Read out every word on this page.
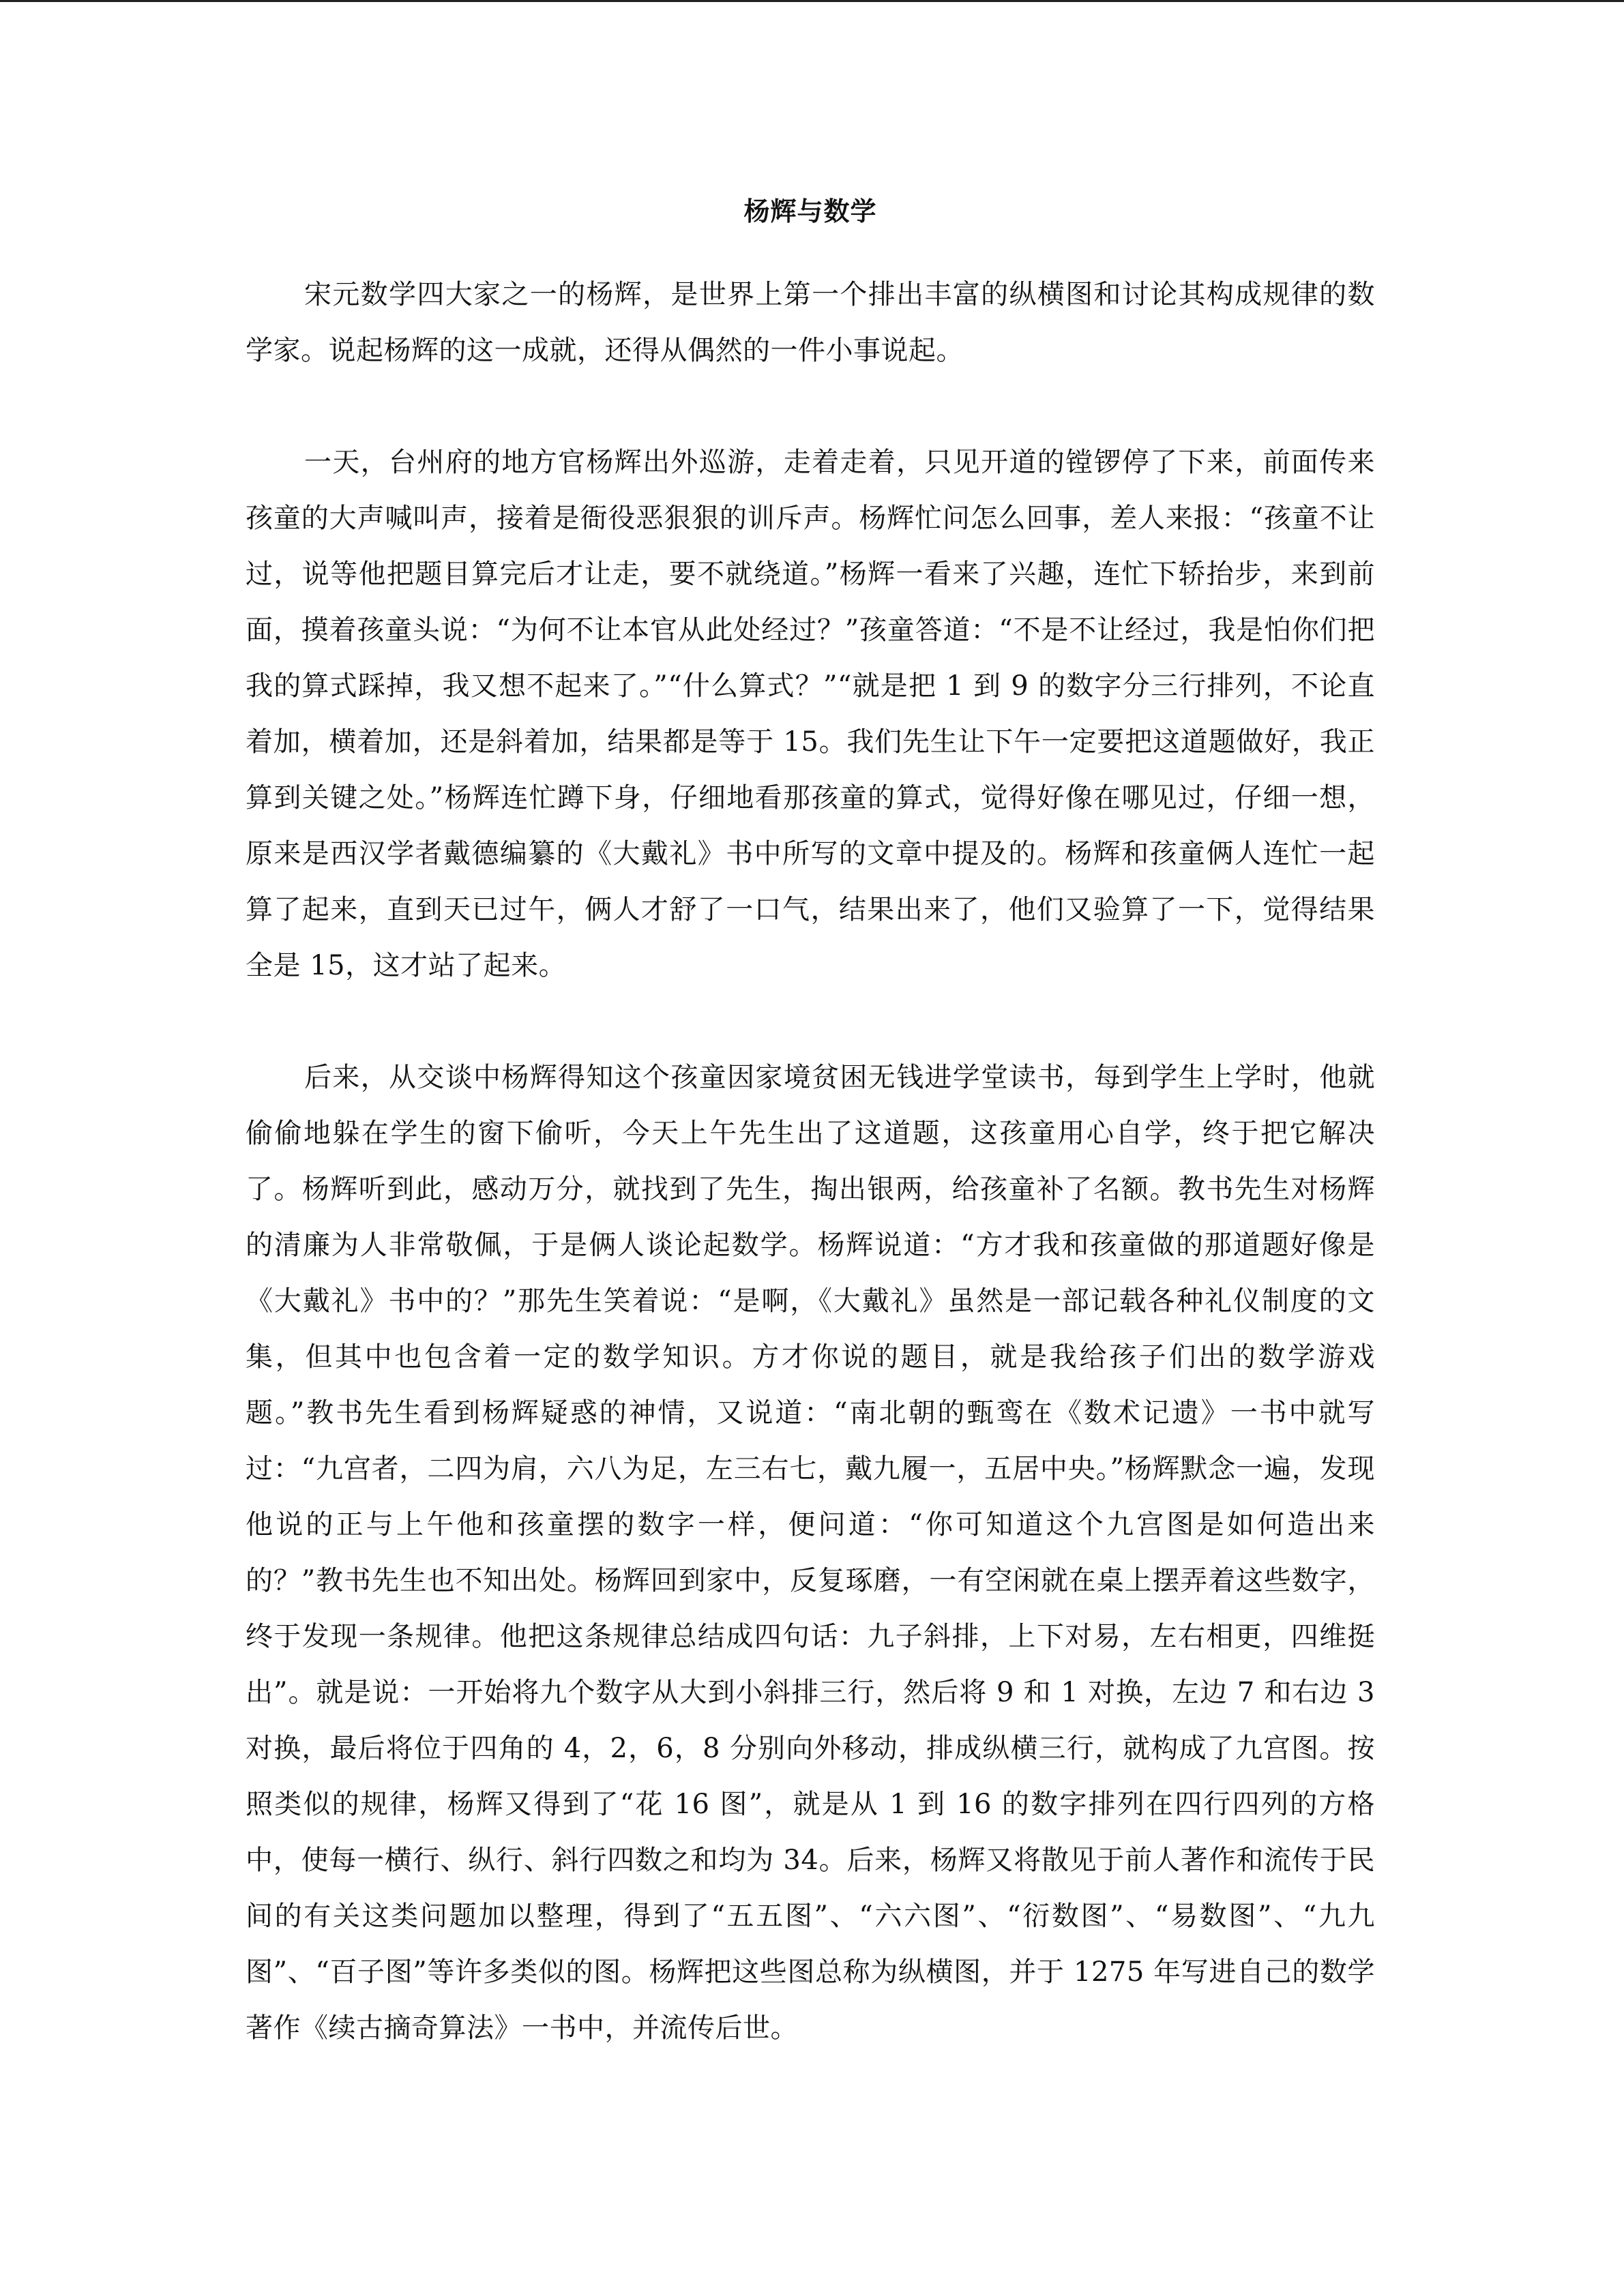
杨辉与数学

宋元数学四大家之一的杨辉，是世界上第一个排出丰富的纵横图和讨论其构成规律的数学家。说起杨辉的这一成就，还得从偶然的一件小事说起。

一天，台州府的地方官杨辉出外巡游，走着走着，只见开道的镗锣停了下来，前面传来孩童的大声喊叫声，接着是衙役恶狠狠的训斥声。杨辉忙问怎么回事，差人来报：“孩童不让过，说等他把题目算完后才让走，要不就绕道。”杨辉一看来了兴趣，连忙下轿抬步，来到前面，摸着孩童头说：“为何不让本官从此处经过？”孩童答道：“不是不让经过，我是怕你们把我的算式踩掉，我又想不起来了。”“什么算式？”“就是把 1 到 9 的数字分三行排列，不论直着加，横着加，还是斜着加，结果都是等于 15。我们先生让下午一定要把这道题做好，我正算到关键之处。”杨辉连忙蹲下身，仔细地看那孩童的算式，觉得好像在哪见过，仔细一想，原来是西汉学者戴德编纂的《大戴礼》书中所写的文章中提及的。杨辉和孩童俩人连忙一起算了起来，直到天已过午，俩人才舒了一口气，结果出来了，他们又验算了一下，觉得结果全是 15，这才站了起来。

后来，从交谈中杨辉得知这个孩童因家境贫困无钱进学堂读书，每到学生上学时，他就偷偷地躲在学生的窗下偷听，今天上午先生出了这道题，这孩童用心自学，终于把它解决了。杨辉听到此，感动万分，就找到了先生，掏出银两，给孩童补了名额。教书先生对杨辉的清廉为人非常敬佩，于是俩人谈论起数学。杨辉说道：“方才我和孩童做的那道题好像是《大戴礼》书中的？”那先生笑着说：“是啊，《大戴礼》虽然是一部记载各种礼仪制度的文集，但其中也包含着一定的数学知识。方才你说的题目，就是我给孩子们出的数学游戏题。”教书先生看到杨辉疑惑的神情，又说道：“南北朝的甄鸾在《数术记遗》一书中就写过：“九宫者，二四为肩，六八为足，左三右七，戴九履一，五居中央。”杨辉默念一遍，发现他说的正与上午他和孩童摆的数字一样，便问道：“你可知道这个九宫图是如何造出来的？”教书先生也不知出处。杨辉回到家中，反复琢磨，一有空闲就在桌上摆弄着这些数字，终于发现一条规律。他把这条规律总结成四句话：九子斜排，上下对易，左右相更，四维挺出”。就是说：一开始将九个数字从大到小斜排三行，然后将 9 和 1 对换，左边 7 和右边 3 对换，最后将位于四角的 4，2，6，8 分别向外移动，排成纵横三行，就构成了九宫图。按照类似的规律，杨辉又得到了“花 16 图”，就是从 1 到 16 的数字排列在四行四列的方格中，使每一横行、纵行、斜行四数之和均为 34。后来，杨辉又将散见于前人著作和流传于民间的有关这类问题加以整理，得到了“五五图”、“六六图”、“衍数图”、“易数图”、“九九图”、“百子图”等许多类似的图。杨辉把这些图总称为纵横图，并于 1275 年写进自己的数学著作《续古摘奇算法》一书中，并流传后世。
